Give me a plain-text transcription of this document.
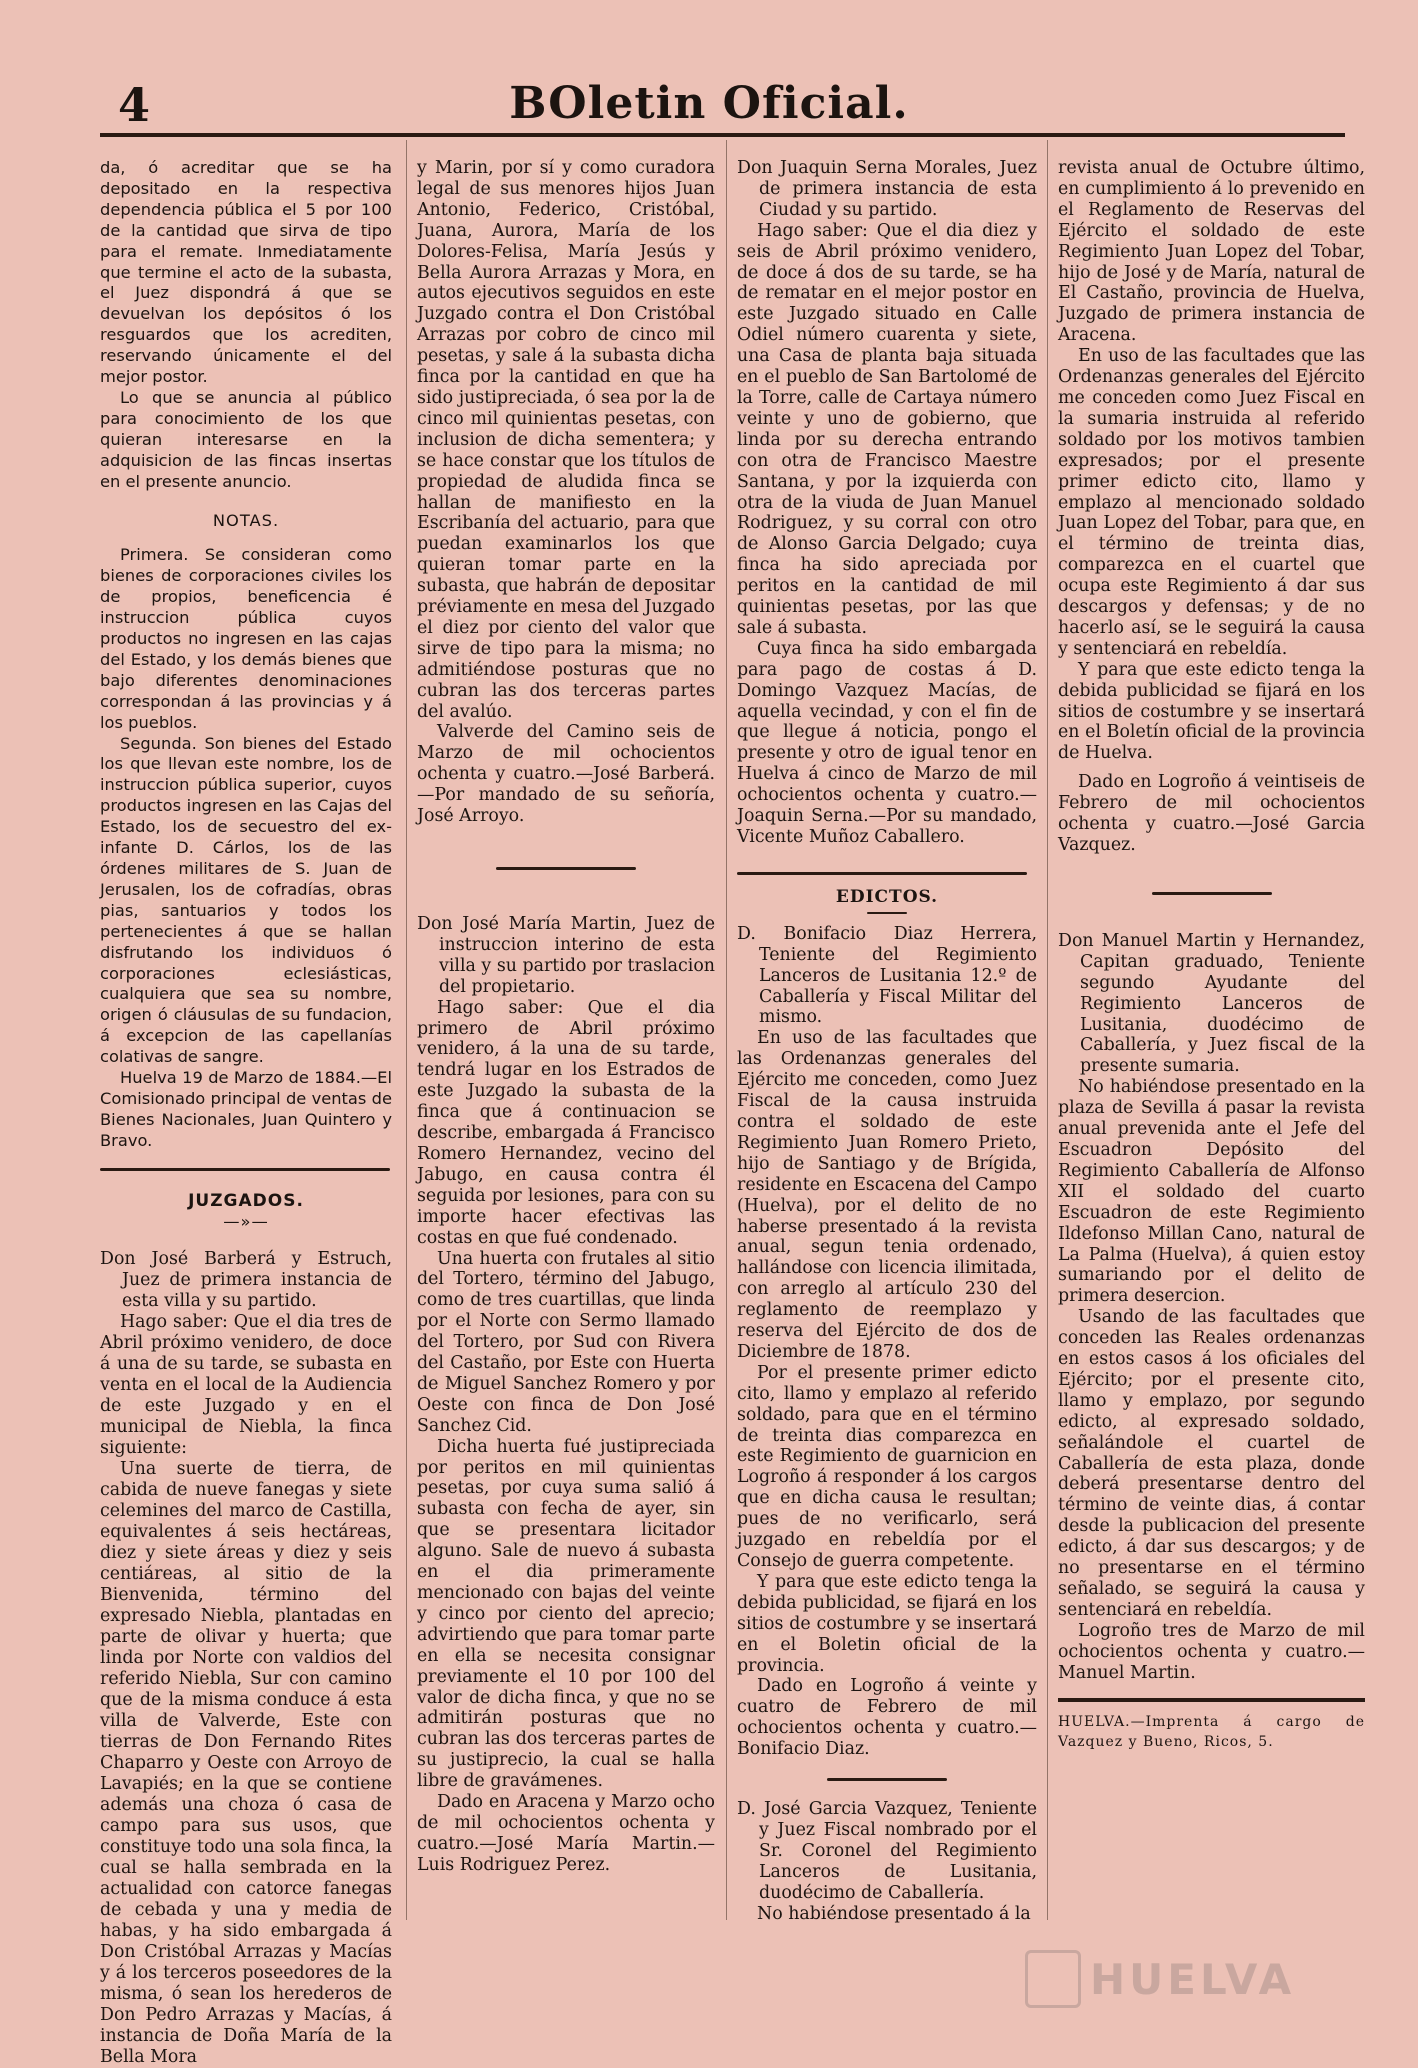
4	BOletin Oficial.

da, ó acreditar que se ha depositado en la respectiva dependencia pública el 5 por 100 de la cantidad que sirva de tipo para el remate. Inmediatamente que termine el acto de la subasta, el Juez dispondrá á que se devuelvan los depósitos ó los resguardos que los acrediten, reservando únicamente el del mejor postor.

Lo que se anuncia al público para conocimiento de los que quieran interesarse en la adquisicion de las fincas insertas en el presente anuncio.

NOTAS.

Primera. Se consideran como bienes de corporaciones civiles los de propios, beneficencia é instruccion pública cuyos productos no ingresen en las cajas del Estado, y los demás bienes que bajo diferentes denominaciones correspondan á las provincias y á los pueblos.

Segunda. Son bienes del Estado los que llevan este nombre, los de instruccion pública superior, cuyos productos ingresen en las Cajas del Estado, los de secuestro del ex-infante D. Cárlos, los de las órdenes militares de S. Juan de Jerusalen, los de cofradías, obras pias, santuarios y todos los pertenecientes á que se hallan disfrutando los individuos ó corporaciones eclesiásticas, cualquiera que sea su nombre, origen ó cláusulas de su fundacion, á excepcion de las capellanías colativas de sangre.

Huelva 19 de Marzo de 1884.—El Comisionado principal de ventas de Bienes Nacionales, Juan Quintero y Bravo.

JUZGADOS.

—»—

Don José Barberá y Estruch, Juez de primera instancia de esta villa y su partido.

Hago saber: Que el dia tres de Abril próximo venidero, de doce á una de su tarde, se subasta en venta en el local de la Audiencia de este Juzgado y en el municipal de Niebla, la finca siguiente:

Una suerte de tierra, de cabida de nueve fanegas y siete celemines del marco de Castilla, equivalentes á seis hectáreas, diez y siete áreas y diez y seis centiáreas, al sitio de la Bienvenida, término del expresado Niebla, plantadas en parte de olivar y huerta; que linda por Norte con valdios del referido Niebla, Sur con camino que de la misma conduce á esta villa de Valverde, Este con tierras de Don Fernando Rites Chaparro y Oeste con Arroyo de Lavapiés; en la que se contiene además una choza ó casa de campo para sus usos, que constituye todo una sola finca, la cual se halla sembrada en la actualidad con catorce fanegas de cebada y una y media de habas, y ha sido embargada á Don Cristóbal Arrazas y Macías y á los terceros poseedores de la misma, ó sean los herederos de Don Pedro Arrazas y Macías, á instancia de Doña María de la Bella Mora

y Marin, por sí y como curadora legal de sus menores hijos Juan Antonio, Federico, Cristóbal, Juana, Aurora, María de los Dolores-Felisa, María Jesús y Bella Aurora Arrazas y Mora, en autos ejecutivos seguidos en este Juzgado contra el Don Cristóbal Arrazas por cobro de cinco mil pesetas, y sale á la subasta dicha finca por la cantidad en que ha sido justipreciada, ó sea por la de cinco mil quinientas pesetas, con inclusion de dicha sementera; y se hace constar que los títulos de propiedad de aludida finca se hallan de manifiesto en la Escribanía del actuario, para que puedan examinarlos los que quieran tomar parte en la subasta, que habrán de depositar préviamente en mesa del Juzgado el diez por ciento del valor que sirve de tipo para la misma; no admitiéndose posturas que no cubran las dos terceras partes del avalúo.

Valverde del Camino seis de Marzo de mil ochocientos ochenta y cuatro.—José Barberá.—Por mandado de su señoría, José Arroyo.

Don José María Martin, Juez de instruccion interino de esta villa y su partido por traslacion del propietario.

Hago saber: Que el dia primero de Abril próximo venidero, á la una de su tarde, tendrá lugar en los Estrados de este Juzgado la subasta de la finca que á continuacion se describe, embargada á Francisco Romero Hernandez, vecino del Jabugo, en causa contra él seguida por lesiones, para con su importe hacer efectivas las costas en que fué condenado.

Una huerta con frutales al sitio del Tortero, término del Jabugo, como de tres cuartillas, que linda por el Norte con Sermo llamado del Tortero, por Sud con Rivera del Castaño, por Este con Huerta de Miguel Sanchez Romero y por Oeste con finca de Don José Sanchez Cid.

Dicha huerta fué justipreciada por peritos en mil quinientas pesetas, por cuya suma salió á subasta con fecha de ayer, sin que se presentara licitador alguno. Sale de nuevo á subasta en el dia primeramente mencionado con bajas del veinte y cinco por ciento del aprecio; advirtiendo que para tomar parte en ella se necesita consignar previamente el 10 por 100 del valor de dicha finca, y que no se admitirán posturas que no cubran las dos terceras partes de su justiprecio, la cual se halla libre de gravámenes.

Dado en Aracena y Marzo ocho de mil ochocientos ochenta y cuatro.—José María Martin.—Luis Rodriguez Perez.

Don Juaquin Serna Morales, Juez de primera instancia de esta Ciudad y su partido.

Hago saber: Que el dia diez y seis de Abril próximo venidero, de doce á dos de su tarde, se ha de rematar en el mejor postor en este Juzgado situado en Calle Odiel número cuarenta y siete, una Casa de planta baja situada en el pueblo de San Bartolomé de la Torre, calle de Cartaya número veinte y uno de gobierno, que linda por su derecha entrando con otra de Francisco Maestre Santana, y por la izquierda con otra de la viuda de Juan Manuel Rodriguez, y su corral con otro de Alonso Garcia Delgado; cuya finca ha sido apreciada por peritos en la cantidad de mil quinientas pesetas, por las que sale á subasta.

Cuya finca ha sido embargada para pago de costas á D. Domingo Vazquez Macías, de aquella vecindad, y con el fin de que llegue á noticia, pongo el presente y otro de igual tenor en Huelva á cinco de Marzo de mil ochocientos ochenta y cuatro.—Joaquin Serna.—Por su mandado, Vicente Muñoz Caballero.

EDICTOS.

D. Bonifacio Diaz Herrera, Teniente del Regimiento Lanceros de Lusitania 12.º de Caballería y Fiscal Militar del mismo.

En uso de las facultades que las Ordenanzas generales del Ejército me conceden, como Juez Fiscal de la causa instruida contra el soldado de este Regimiento Juan Romero Prieto, hijo de Santiago y de Brígida, residente en Escacena del Campo (Huelva), por el delito de no haberse presentado á la revista anual, segun tenia ordenado, hallándose con licencia ilimitada, con arreglo al artículo 230 del reglamento de reemplazo y reserva del Ejército de dos de Diciembre de 1878.

Por el presente primer edicto cito, llamo y emplazo al referido soldado, para que en el término de treinta dias comparezca en este Regimiento de guarnicion en Logroño á responder á los cargos que en dicha causa le resultan; pues de no verificarlo, será juzgado en rebeldía por el Consejo de guerra competente.

Y para que este edicto tenga la debida publicidad, se fijará en los sitios de costumbre y se insertará en el Boletin oficial de la provincia.

Dado en Logroño á veinte y cuatro de Febrero de mil ochocientos ochenta y cuatro.—Bonifacio Diaz.

D. José Garcia Vazquez, Teniente y Juez Fiscal nombrado por el Sr. Coronel del Regimiento Lanceros de Lusitania, duodécimo de Caballería.

No habiéndose presentado á la

revista anual de Octubre último, en cumplimiento á lo prevenido en el Reglamento de Reservas del Ejército el soldado de este Regimiento Juan Lopez del Tobar, hijo de José y de María, natural de El Castaño, provincia de Huelva, Juzgado de primera instancia de Aracena.

En uso de las facultades que las Ordenanzas generales del Ejército me conceden como Juez Fiscal en la sumaria instruida al referido soldado por los motivos tambien expresados; por el presente primer edicto cito, llamo y emplazo al mencionado soldado Juan Lopez del Tobar, para que, en el término de treinta dias, comparezca en el cuartel que ocupa este Regimiento á dar sus descargos y defensas; y de no hacerlo así, se le seguirá la causa y sentenciará en rebeldía.

Y para que este edicto tenga la debida publicidad se fijará en los sitios de costumbre y se insertará en el Boletín oficial de la provincia de Huelva.

Dado en Logroño á veintiseis de Febrero de mil ochocientos ochenta y cuatro.—José Garcia Vazquez.

Don Manuel Martin y Hernandez, Capitan graduado, Teniente segundo Ayudante del Regimiento Lanceros de Lusitania, duodécimo de Caballería, y Juez fiscal de la presente sumaria.

No habiéndose presentado en la plaza de Sevilla á pasar la revista anual prevenida ante el Jefe del Escuadron Depósito del Regimiento Caballería de Alfonso XII el soldado del cuarto Escuadron de este Regimiento Ildefonso Millan Cano, natural de La Palma (Huelva), á quien estoy sumariando por el delito de primera desercion.

Usando de las facultades que conceden las Reales ordenanzas en estos casos á los oficiales del Ejército; por el presente cito, llamo y emplazo, por segundo edicto, al expresado soldado, señalándole el cuartel de Caballería de esta plaza, donde deberá presentarse dentro del término de veinte dias, á contar desde la publicacion del presente edicto, á dar sus descargos; y de no presentarse en el término señalado, se seguirá la causa y sentenciará en rebeldía.

Logroño tres de Marzo de mil ochocientos ochenta y cuatro.—Manuel Martin.

HUELVA.—Imprenta á cargo de Vazquez y Bueno, Ricos, 5.

HUELVA
